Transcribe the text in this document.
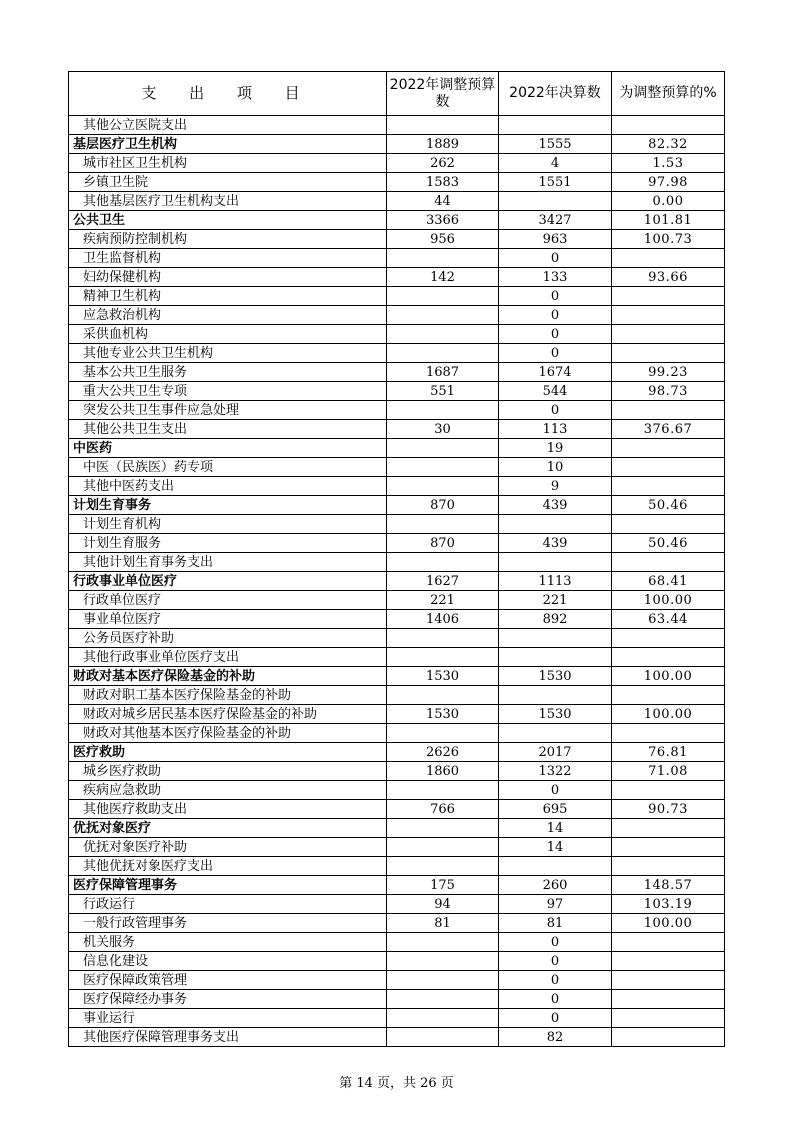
支 出 项 目	2022年调整预算数	2022年决算数	为调整预算的%
其他公立医院支出			
基层医疗卫生机构	1889	1555	82.32
城市社区卫生机构	262	4	1.53
乡镇卫生院	1583	1551	97.98
其他基层医疗卫生机构支出	44		0.00
公共卫生	3366	3427	101.81
疾病预防控制机构	956	963	100.73
卫生监督机构		0	
妇幼保健机构	142	133	93.66
精神卫生机构		0	
应急救治机构		0	
采供血机构		0	
其他专业公共卫生机构		0	
基本公共卫生服务	1687	1674	99.23
重大公共卫生专项	551	544	98.73
突发公共卫生事件应急处理		0	
其他公共卫生支出	30	113	376.67
中医药		19	
中医（民族医）药专项		10	
其他中医药支出		9	
计划生育事务	870	439	50.46
计划生育机构			
计划生育服务	870	439	50.46
其他计划生育事务支出			
行政事业单位医疗	1627	1113	68.41
行政单位医疗	221	221	100.00
事业单位医疗	1406	892	63.44
公务员医疗补助			
其他行政事业单位医疗支出			
财政对基本医疗保险基金的补助	1530	1530	100.00
财政对职工基本医疗保险基金的补助			
财政对城乡居民基本医疗保险基金的补助	1530	1530	100.00
财政对其他基本医疗保险基金的补助			
医疗救助	2626	2017	76.81
城乡医疗救助	1860	1322	71.08
疾病应急救助		0	
其他医疗救助支出	766	695	90.73
优抚对象医疗		14	
优抚对象医疗补助		14	
其他优抚对象医疗支出			
医疗保障管理事务	175	260	148.57
行政运行	94	97	103.19
一般行政管理事务	81	81	100.00
机关服务		0	
信息化建设		0	
医疗保障政策管理		0	
医疗保障经办事务		0	
事业运行		0	
其他医疗保障管理事务支出		82	
第 14 页，共 26 页
